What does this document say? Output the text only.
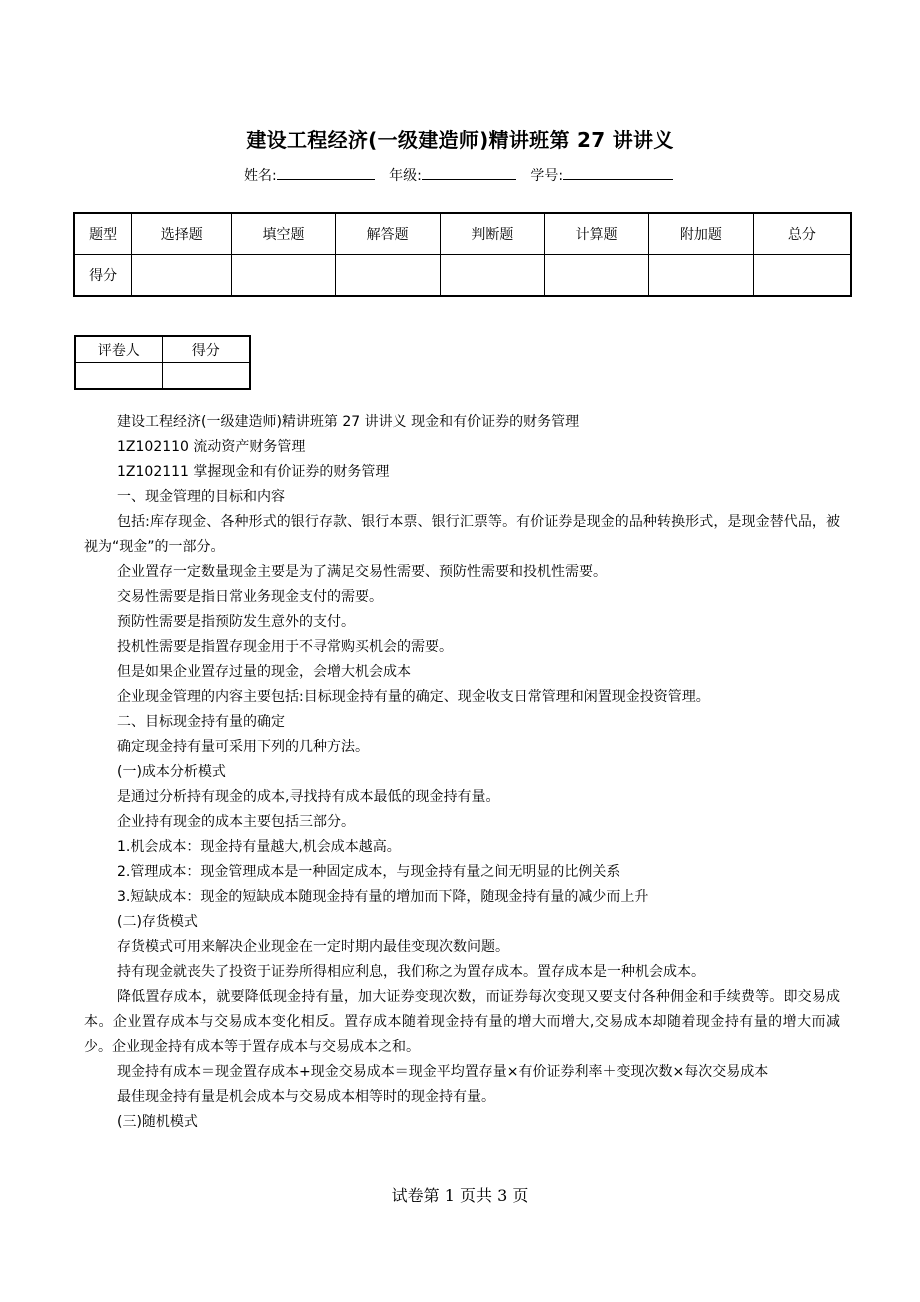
建设工程经济(一级建造师)精讲班第 27 讲讲义
姓名:	年级:	学号:
题型	选择题	填空题	解答题	判断题	计算题	附加题	总分
得分							
评卷人	得分

建设工程经济(一级建造师)精讲班第 27 讲讲义 现金和有价证券的财务管理

1Z102110 流动资产财务管理

1Z102111 掌握现金和有价证券的财务管理

一、现金管理的目标和内容

包括:库存现金、各种形式的银行存款、银行本票、银行汇票等。有价证券是现金的品种转换形式，是现金替代品，被视为“现金”的一部分。

企业置存一定数量现金主要是为了满足交易性需要、预防性需要和投机性需要。

交易性需要是指日常业务现金支付的需要。

预防性需要是指预防发生意外的支付。

投机性需要是指置存现金用于不寻常购买机会的需要。

但是如果企业置存过量的现金，会增大机会成本

企业现金管理的内容主要包括:目标现金持有量的确定、现金收支日常管理和闲置现金投资管理。

二、目标现金持有量的确定

确定现金持有量可采用下列的几种方法。

(一)成本分析模式

是通过分析持有现金的成本,寻找持有成本最低的现金持有量。

企业持有现金的成本主要包括三部分。

1.机会成本：现金持有量越大,机会成本越高。

2.管理成本：现金管理成本是一种固定成本，与现金持有量之间无明显的比例关系

3.短缺成本：现金的短缺成本随现金持有量的增加而下降，随现金持有量的减少而上升

(二)存货模式

存货模式可用来解决企业现金在一定时期内最佳变现次数问题。

持有现金就丧失了投资于证券所得相应利息，我们称之为置存成本。置存成本是一种机会成本。

降低置存成本，就要降低现金持有量，加大证券变现次数，而证券每次变现又要支付各种佣金和手续费等。即交易成本。企业置存成本与交易成本变化相反。置存成本随着现金持有量的增大而增大,交易成本却随着现金持有量的增大而减少。企业现金持有成本等于置存成本与交易成本之和。

现金持有成本＝现金置存成本+现金交易成本＝现金平均置存量×有价证券利率＋变现次数×每次交易成本

最佳现金持有量是机会成本与交易成本相等时的现金持有量。

(三)随机模式

试卷第 1 页共 3 页
